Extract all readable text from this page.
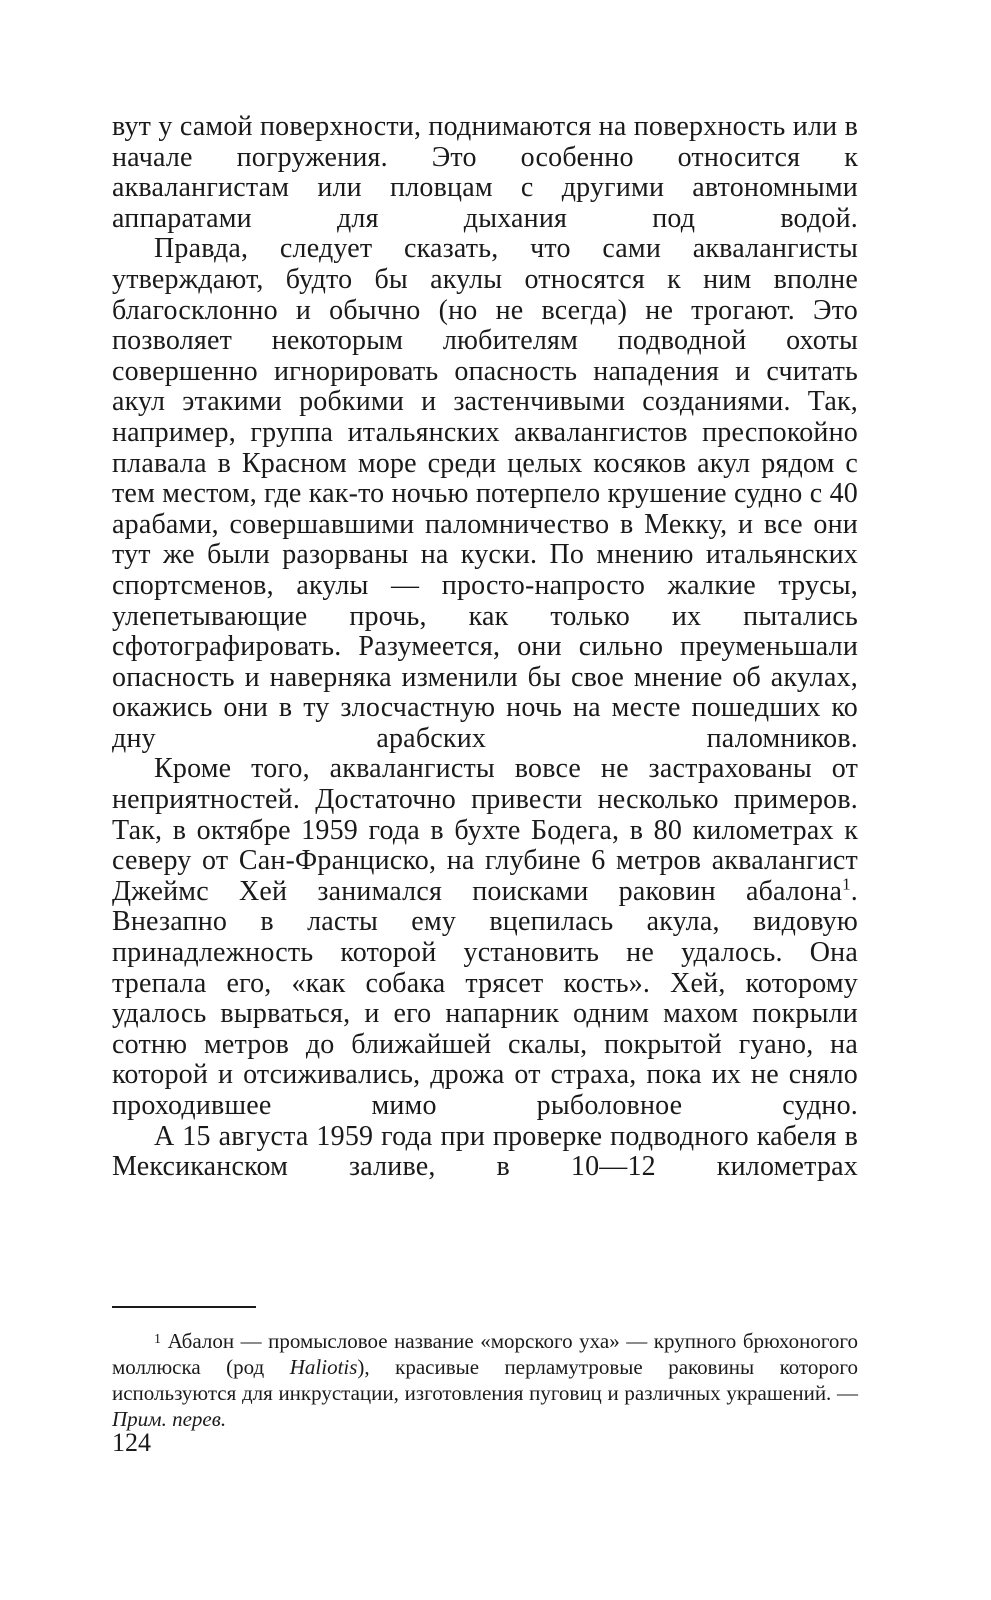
вут у самой поверхности, поднимаются на поверхность или в начале погружения. Это особенно относится к аквалангистам или пловцам с другими автономными аппаратами для дыхания под водой.

Правда, следует сказать, что сами аквалангисты утверждают, будто бы акулы относятся к ним вполне благосклонно и обычно (но не всегда) не трогают. Это позволяет некоторым любителям подводной охоты совершенно игнорировать опасность нападения и считать акул этакими робкими и застенчивыми созданиями. Так, например, группа итальянских аквалангистов преспокойно плавала в Красном море среди целых косяков акул рядом с тем местом, где как-то ночью потерпело крушение судно с 40 арабами, совершавшими паломничество в Мекку, и все они тут же были разорваны на куски. По мнению итальянских спортсменов, акулы — просто-напросто жалкие трусы, улепетывающие прочь, как только их пытались сфотографировать. Разумеется, они сильно преуменьшали опасность и наверняка изменили бы свое мнение об акулах, окажись они в ту злосчастную ночь на месте пошедших ко дну арабских паломников.

Кроме того, аквалангисты вовсе не застрахованы от неприятностей. Достаточно привести несколько примеров. Так, в октябре 1959 года в бухте Бодега, в 80 километрах к северу от Сан-Франциско, на глубине 6 метров аквалангист Джеймс Хей занимался поисками раковин абалона$^1$. Внезапно в ласты ему вцепилась акула, видовую принадлежность которой установить не удалось. Она трепала его, «как собака трясет кость». Хей, которому удалось вырваться, и его напарник одним махом покрыли сотню метров до ближайшей скалы, покрытой гуано, на которой и отсиживались, дрожа от страха, пока их не сняло проходившее мимо рыболовное судно.

А 15 августа 1959 года при проверке подводного кабеля в Мексиканском заливе, в 10—12 километрах

$^1$ Абалон — промысловое название «морского уха» — крупного брюхоногого моллюска (род Haliotis), красивые перламутровые раковины которого используются для инкрустации, изготовления пуговиц и различных украшений. — Прим. перев.

124
